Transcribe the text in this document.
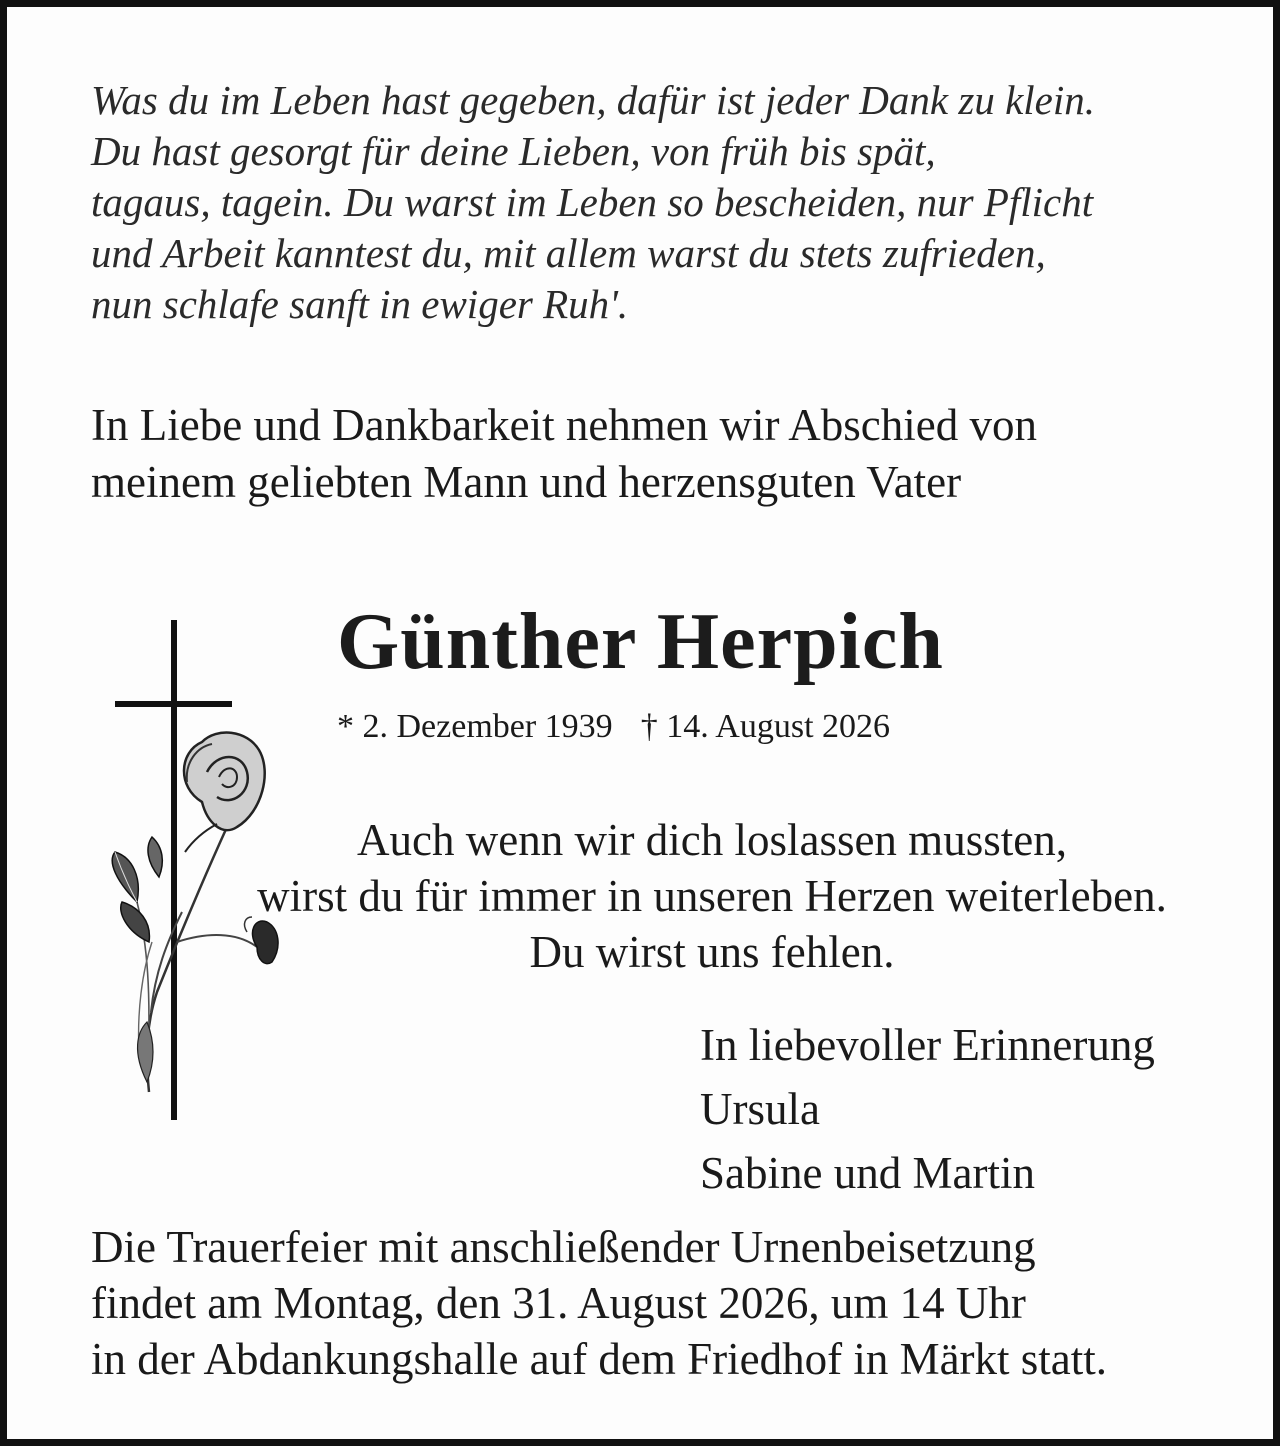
Was du im Leben hast gegeben, dafür ist jeder Dank zu klein.
Du hast gesorgt für deine Lieben, von früh bis spät,
tagaus, tagein. Du warst im Leben so bescheiden, nur Pflicht
und Arbeit kanntest du, mit allem warst du stets zufrieden,
nun schlafe sanft in ewiger Ruh'.
In Liebe und Dankbarkeit nehmen wir Abschied von
meinem geliebten Mann und herzensguten Vater
Günther Herpich
* 2. Dezember 1939 † 14. August 2026
Auch wenn wir dich loslassen mussten,
wirst du für immer in unseren Herzen weiterleben.
Du wirst uns fehlen.
In liebevoller Erinnerung
Ursula
Sabine und Martin
Die Trauerfeier mit anschließender Urnenbeisetzung
findet am Montag, den 31. August 2026, um 14 Uhr
in der Abdankungshalle auf dem Friedhof in Märkt statt.
